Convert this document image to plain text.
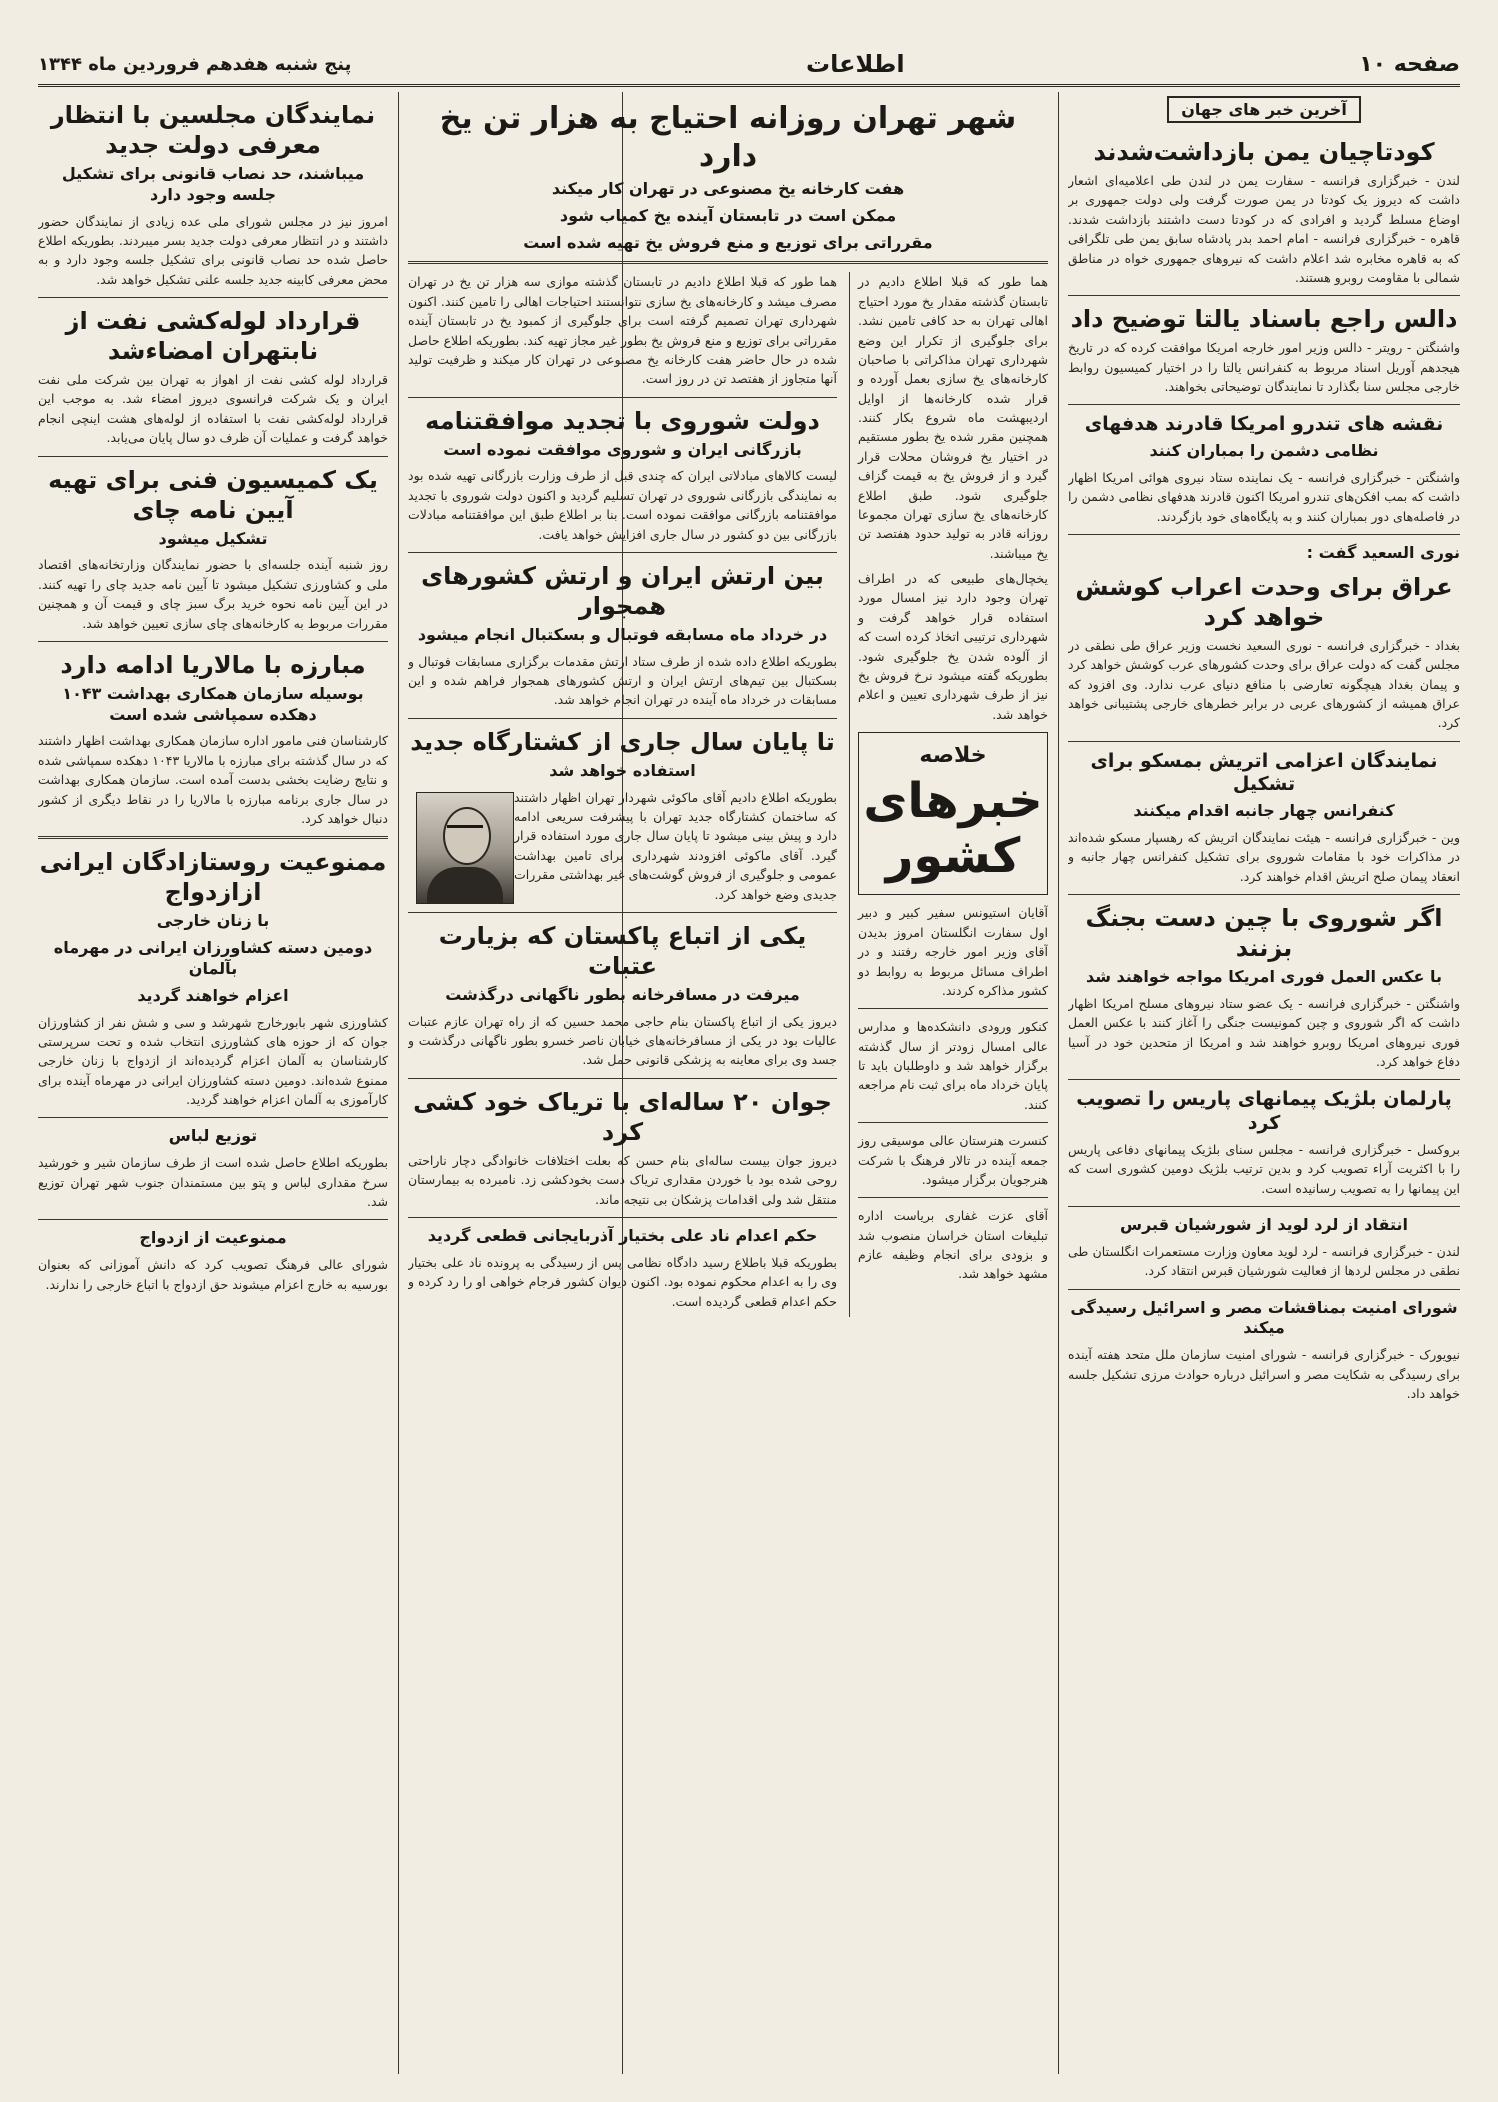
صفحه ۱۰
اطلاعات
پنج شنبه هفدهم فروردین ماه ۱۳۴۴
آخرین خبر های جهان
کودتاچیان یمن بازداشت‌شدند

لندن - خبرگزاری فرانسه - سفارت یمن در لندن طی اعلامیه‌ای اشعار داشت که دیروز یک کودتا در یمن صورت گرفت ولی دولت جمهوری بر اوضاع مسلط گردید و افرادی که در کودتا دست داشتند بازداشت شدند. قاهره - خبرگزاری فرانسه - امام احمد بدر پادشاه سابق یمن طی تلگرافی که به قاهره مخابره شد اعلام داشت که نیروهای جمهوری خواه در مناطق شمالی با مقاومت روبرو هستند.

دالس راجع باسناد یالتا توضیح داد

واشنگتن - رویتر - دالس وزیر امور خارجه امریکا موافقت کرده که در تاریخ هیجدهم آوریل اسناد مربوط به کنفرانس یالتا را در اختیار کمیسیون روابط خارجی مجلس سنا بگذارد تا نمایندگان توضیحاتی بخواهند.

نقشه های تندرو امریکا قادرند هدفهای
نظامی دشمن را بمباران کنند

واشنگتن - خبرگزاری فرانسه - یک نماینده ستاد نیروی هوائی امریکا اظهار داشت که بمب افکن‌های تندرو امریکا اکنون قادرند هدفهای نظامی دشمن را در فاصله‌های دور بمباران کنند و به پایگاه‌های خود بازگردند.

نوری السعید گفت :
عراق برای وحدت اعراب کوشش خواهد کرد

بغداد - خبرگزاری فرانسه - نوری السعید نخست وزیر عراق طی نطقی در مجلس گفت که دولت عراق برای وحدت کشورهای عرب کوشش خواهد کرد و پیمان بغداد هیچگونه تعارضی با منافع دنیای عرب ندارد. وی افزود که عراق همیشه از کشورهای عربی در برابر خطرهای خارجی پشتیبانی خواهد کرد.

نمایندگان اعزامی اتریش بمسکو برای تشکیل
کنفرانس چهار جانبه اقدام میکنند

وین - خبرگزاری فرانسه - هیئت نمایندگان اتریش که رهسپار مسکو شده‌اند در مذاکرات خود با مقامات شوروی برای تشکیل کنفرانس چهار جانبه و انعقاد پیمان صلح اتریش اقدام خواهند کرد.

اگر شوروی با چین دست بجنگ بزنند
با عکس العمل فوری امریکا مواجه خواهند شد

واشنگتن - خبرگزاری فرانسه - یک عضو ستاد نیروهای مسلح امریکا اظهار داشت که اگر شوروی و چین کمونیست جنگی را آغاز کنند با عکس العمل فوری نیروهای امریکا روبرو خواهند شد و امریکا از متحدین خود در آسیا دفاع خواهد کرد.

پارلمان بلژیک پیمانهای پاریس را تصویب کرد

بروکسل - خبرگزاری فرانسه - مجلس سنای بلژیک پیمانهای دفاعی پاریس را با اکثریت آراء تصویب کرد و بدین ترتیب بلژیک دومین کشوری است که این پیمانها را به تصویب رسانیده است.

انتقاد از لرد لوید از شورشیان قبرس

لندن - خبرگزاری فرانسه - لرد لوید معاون وزارت مستعمرات انگلستان طی نطقی در مجلس لردها از فعالیت شورشیان قبرس انتقاد کرد.

شورای امنیت بمناقشات مصر و اسرائیل رسیدگی میکند

نیویورک - خبرگزاری فرانسه - شورای امنیت سازمان ملل متحد هفته آینده برای رسیدگی به شکایت مصر و اسرائیل درباره حوادث مرزی تشکیل جلسه خواهد داد.

شهر تهران روزانه احتیاج به هزار تن یخ دارد
هفت کارخانه یخ مصنوعی در تهران کار میکند
ممکن است در تابستان آینده یخ کمیاب شود
مقرراتی برای توزیع و منع فروش یخ تهیه شده است

هما طور که قبلا اطلاع دادیم در تابستان گذشته مقدار یخ مورد احتیاج اهالی تهران به حد کافی تامین نشد. برای جلوگیری از تکرار این وضع شهرداری تهران مذاکراتی با صاحبان کارخانه‌های یخ سازی بعمل آورده و قرار شده کارخانه‌ها از اوایل اردیبهشت ماه شروع بکار کنند. همچنین مقرر شده یخ بطور مستقیم در اختیار یخ فروشان محلات قرار گیرد و از فروش یخ به قیمت گزاف جلوگیری شود. طبق اطلاع کارخانه‌های یخ سازی تهران مجموعا روزانه قادر به تولید حدود هفتصد تن یخ میباشند.

یخچال‌های طبیعی که در اطراف تهران وجود دارد نیز امسال مورد استفاده قرار خواهد گرفت و شهرداری ترتیبی اتخاذ کرده است که از آلوده شدن یخ جلوگیری شود. بطوریکه گفته میشود نرخ فروش یخ نیز از طرف شهرداری تعیین و اعلام خواهد شد.

خلاصه
خبرهای کشور

آقایان استیونس سفیر کبیر و دبیر اول سفارت انگلستان امروز بدیدن آقای وزیر امور خارجه رفتند و در اطراف مسائل مربوط به روابط دو کشور مذاکره کردند.

کنکور ورودی دانشکده‌ها و مدارس عالی امسال زودتر از سال گذشته برگزار خواهد شد و داوطلبان باید تا پایان خرداد ماه برای ثبت نام مراجعه کنند.

کنسرت هنرستان عالی موسیقی روز جمعه آینده در تالار فرهنگ با شرکت هنرجویان برگزار میشود.

آقای عزت غفاری بریاست اداره تبلیغات استان خراسان منصوب شد و بزودی برای انجام وظیفه عازم مشهد خواهد شد.

هما طور که قبلا اطلاع دادیم در تابستان گذشته موازی سه هزار تن یخ در تهران مصرف میشد و کارخانه‌های یخ سازی نتوانستند احتیاجات اهالی را تامین کنند. اکنون شهرداری تهران تصمیم گرفته است برای جلوگیری از کمبود یخ در تابستان آینده مقرراتی برای توزیع و منع فروش یخ بطور غیر مجاز تهیه کند. بطوریکه اطلاع حاصل شده در حال حاضر هفت کارخانه یخ مصنوعی در تهران کار میکند و ظرفیت تولید آنها متجاوز از هفتصد تن در روز است.

دولت شوروی با تجدید موافقتنامه
بازرگانی ایران و شوروی موافقت نموده است

لیست کالاهای مبادلاتی ایران که چندی قبل از طرف وزارت بازرگانی تهیه شده بود به نمایندگی بازرگانی شوروی در تهران تسلیم گردید و اکنون دولت شوروی با تجدید موافقتنامه بازرگانی موافقت نموده است. بنا بر اطلاع طبق این موافقتنامه مبادلات بازرگانی بین دو کشور در سال جاری افزایش خواهد یافت.

بین ارتش ایران و ارتش کشورهای همجوار
در خرداد ماه مسابقه فوتبال و بسکتبال انجام میشود

بطوریکه اطلاع داده شده از طرف ستاد ارتش مقدمات برگزاری مسابقات فوتبال و بسکتبال بین تیم‌های ارتش ایران و ارتش کشورهای همجوار فراهم شده و این مسابقات در خرداد ماه آینده در تهران انجام خواهد شد.

تا پایان سال جاری از کشتارگاه جدید
استفاده خواهد شد

بطوریکه اطلاع دادیم آقای ماکوئی شهردار تهران اظهار داشتند که ساختمان کشتارگاه جدید تهران با پیشرفت سریعی ادامه دارد و پیش بینی میشود تا پایان سال جاری مورد استفاده قرار گیرد. آقای ماکوئی افزودند شهرداری برای تامین بهداشت عمومی و جلوگیری از فروش گوشت‌های غیر بهداشتی مقررات جدیدی وضع خواهد کرد.

یکی از اتباع پاکستان که بزیارت عتبات
میرفت در مسافرخانه بطور ناگهانی درگذشت

دیروز یکی از اتباع پاکستان بنام حاجی محمد حسین که از راه تهران عازم عتبات عالیات بود در یکی از مسافرخانه‌های خیابان ناصر خسرو بطور ناگهانی درگذشت و جسد وی برای معاینه به پزشکی قانونی حمل شد.

جوان ۲۰ ساله‌ای با تریاک خود کشی کرد

دیروز جوان بیست ساله‌ای بنام حسن که بعلت اختلافات خانوادگی دچار ناراحتی روحی شده بود با خوردن مقداری تریاک دست بخودکشی زد. نامبرده به بیمارستان منتقل شد ولی اقدامات پزشکان بی نتیجه ماند.

حکم اعدام ناد علی بختیار آذربایجانی قطعی گردید

بطوریکه قبلا باطلاع رسید دادگاه نظامی پس از رسیدگی به پرونده ناد علی بختیار وی را به اعدام محکوم نموده بود. اکنون دیوان کشور فرجام خواهی او را رد کرده و حکم اعدام قطعی گردیده است.

نمایندگان مجلسین با انتظار معرفی دولت جدید
میباشند، حد نصاب قانونی برای تشکیل جلسه وجود دارد

امروز نیز در مجلس شورای ملی عده زیادی از نمایندگان حضور داشتند و در انتظار معرفی دولت جدید بسر میبردند. بطوریکه اطلاع حاصل شده حد نصاب قانونی برای تشکیل جلسه وجود دارد و به محض معرفی کابینه جدید جلسه علنی تشکیل خواهد شد.

قرارداد لوله‌کشی نفت از نابتهران امضاءشد

قرارداد لوله کشی نفت از اهواز به تهران بین شرکت ملی نفت ایران و یک شرکت فرانسوی دیروز امضاء شد. به موجب این قرارداد لوله‌کشی نفت با استفاده از لوله‌های هشت اینچی انجام خواهد گرفت و عملیات آن ظرف دو سال پایان می‌یابد.

یک کمیسیون فنی برای تهیه آیین نامه چای
تشکیل میشود

روز شنبه آینده جلسه‌ای با حضور نمایندگان وزارتخانه‌های اقتصاد ملی و کشاورزی تشکیل میشود تا آیین نامه جدید چای را تهیه کنند. در این آیین نامه نحوه خرید برگ سبز چای و قیمت آن و همچنین مقررات مربوط به کارخانه‌های چای سازی تعیین خواهد شد.

مبارزه با مالاریا ادامه دارد
بوسیله سازمان همکاری بهداشت ۱۰۴۳ دهکده سمپاشی شده است

کارشناسان فنی مامور اداره سازمان همکاری بهداشت اظهار داشتند که در سال گذشته برای مبارزه با مالاریا ۱۰۴۳ دهکده سمپاشی شده و نتایج رضایت بخشی بدست آمده است. سازمان همکاری بهداشت در سال جاری برنامه مبارزه با مالاریا را در نقاط دیگری از کشور دنبال خواهد کرد.

ممنوعیت روستازادگان ایرانی ازازدواج
با زنان خارجی
دومین دسته کشاورزان ایرانی در مهرماه بآلمان
اعزام خواهند گردید

کشاورزی شهر بابورخارج شهرشد و سی و شش نفر از کشاورزان جوان که از حوزه های کشاورزی انتخاب شده و تحت سرپرستی کارشناسان به آلمان اعزام گردیده‌اند از ازدواج با زنان خارجی ممنوع شده‌اند. دومین دسته کشاورزان ایرانی در مهرماه آینده برای کارآموزی به آلمان اعزام خواهند گردید.

توزیع لباس

بطوریکه اطلاع حاصل شده است از طرف سازمان شیر و خورشید سرخ مقداری لباس و پتو بین مستمندان جنوب شهر تهران توزیع شد.

ممنوعیت از ازدواج

شورای عالی فرهنگ تصویب کرد که دانش آموزانی که بعنوان بورسیه به خارج اعزام میشوند حق ازدواج با اتباع خارجی را ندارند.
